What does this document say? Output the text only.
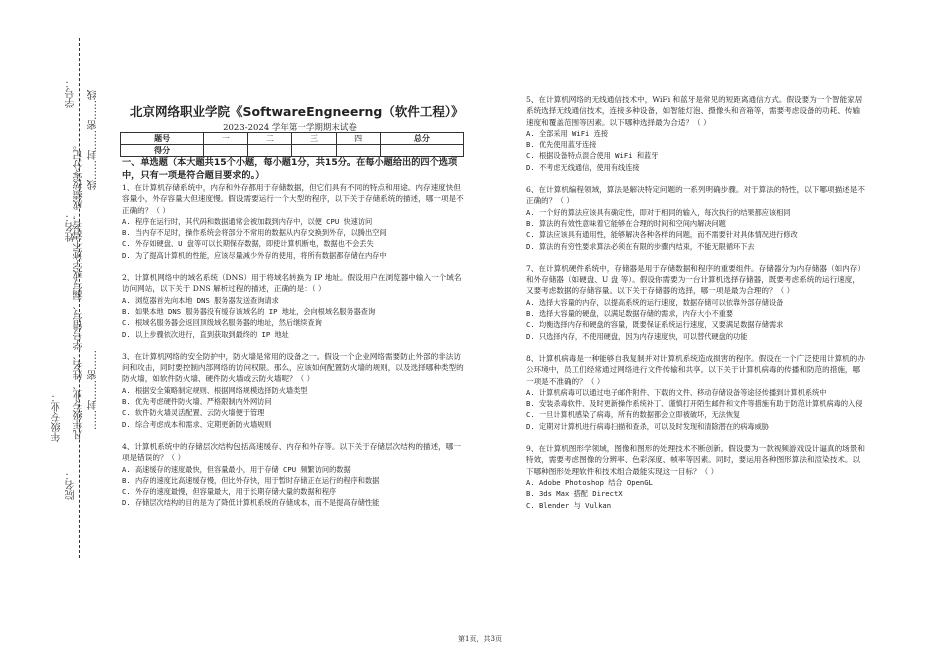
学号：
姓名：
年级专业：
院名：
线……封……密……线
凡年级专业、姓名、学号错写、漏写或字迹不清者，成绩按零分记。 ……封……密……
北京网络职业学院《SoftwareEngneerng（软件工程）》
2023-2024 学年第一学期期末试卷
题号	一	二	三	四	总分
得分					
一、单选题（本大题共15个小题，每小题1分，共15分。在每小题给出的四个选项中，只有一项是符合题目要求的。）

1、在计算机存储系统中，内存和外存都用于存储数据，但它们具有不同的特点和用途。内存速度快但容量小，外存容量大但速度慢。假设需要运行一个大型的程序，以下关于存储系统的描述，哪一项是不正确的？（ ）

A. 程序在运行时，其代码和数据通常会被加载到内存中，以便 CPU 快速访问

B. 当内存不足时，操作系统会将部分不常用的数据从内存交换到外存，以腾出空间

C. 外存如硬盘、U 盘等可以长期保存数据，即使计算机断电，数据也不会丢失

D. 为了提高计算机的性能，应该尽量减少外存的使用，将所有数据都存储在内存中

2、计算机网络中的域名系统（DNS）用于将域名转换为 IP 地址。假设用户在浏览器中输入一个域名访问网站，以下关于 DNS 解析过程的描述，正确的是：（ ）

A. 浏览器首先向本地 DNS 服务器发送查询请求

B. 如果本地 DNS 服务器没有缓存该域名的 IP 地址，会向根域名服务器查询

C. 根域名服务器会返回顶级域名服务器的地址，然后继续查询

D. 以上步骤依次进行，直到获取到最终的 IP 地址

3、在计算机网络的安全防护中，防火墙是常用的设备之一。假设一个企业网络需要防止外部的非法访问和攻击，同时要控制内部网络的访问权限。那么，应该如何配置防火墙的规则，以及选择哪种类型的防火墙，如软件防火墙、硬件防火墙或云防火墙呢？（ ）

A. 根据安全策略制定规则、根据网络规模选择防火墙类型

B. 优先考虑硬件防火墙、严格限制内外网访问

C. 软件防火墙灵活配置、云防火墙便于管理

D. 综合考虑成本和需求、定期更新防火墙规则

4、计算机系统中的存储层次结构包括高速缓存、内存和外存等。以下关于存储层次结构的描述，哪一项是错误的？（ ）

A. 高速缓存的速度最快，但容量最小，用于存储 CPU 频繁访问的数据

B. 内存的速度比高速缓存慢，但比外存快，用于暂时存储正在运行的程序和数据

C. 外存的速度最慢，但容量最大，用于长期存储大量的数据和程序

D. 存储层次结构的目的是为了降低计算机系统的存储成本，而不是提高存储性能

5、在计算机网络的无线通信技术中，WiFi 和蓝牙是常见的短距离通信方式。假设要为一个智能家居系统选择无线通信技术，连接多种设备，如智能灯泡、摄像头和音箱等，需要考虑设备的功耗、传输速度和覆盖范围等因素。以下哪种选择最为合适？（ ）

A. 全部采用 WiFi 连接

B. 优先使用蓝牙连接

C. 根据设备特点混合使用 WiFi 和蓝牙

D. 不考虑无线通信，使用有线连接

6、在计算机编程领域，算法是解决特定问题的一系列明确步骤。对于算法的特性，以下哪项描述是不正确的？（ ）

A. 一个好的算法应该具有确定性，即对于相同的输入，每次执行的结果都应该相同

B. 算法的有效性意味着它能够在合理的时间和空间内解决问题

C. 算法应该具有通用性，能够解决各种各样的问题，而不需要针对具体情况进行修改

D. 算法的有穷性要求算法必须在有限的步骤内结束，不能无限循环下去

7、在计算机硬件系统中，存储器是用于存储数据和程序的重要组件。存储器分为内存储器（如内存）和外存储器（如硬盘、U 盘 等）。假设你需要为一台计算机选择存储器，既要考虑系统的运行速度，又要考虑数据的存储容量。以下关于存储器的选择，哪一项是最为合理的？（ ）

A. 选择大容量的内存，以提高系统的运行速度，数据存储可以依靠外部存储设备

B. 选择大容量的硬盘，以满足数据存储的需求，内存大小不重要

C. 均衡选择内存和硬盘的容量，既要保证系统运行速度，又要满足数据存储需求

D. 只选择内存，不使用硬盘，因为内存速度快，可以替代硬盘的功能

8、计算机病毒是一种能够自我复制并对计算机系统造成损害的程序。假设在一个广泛使用计算机的办公环境中，员工们经常通过网络进行文件传输和共享。以下关于计算机病毒的传播和防范的措施，哪一项是不准确的？（ ）

A. 计算机病毒可以通过电子邮件附件、下载的文件、移动存储设备等途径传播到计算机系统中

B. 安装杀毒软件、及时更新操作系统补丁、谨慎打开陌生邮件和文件等措施有助于防范计算机病毒的入侵

C. 一旦计算机感染了病毒，所有的数据都会立即被破坏，无法恢复

D. 定期对计算机进行病毒扫描和查杀，可以及时发现和清除潜在的病毒威胁

9、在计算机图形学领域，图像和图形的处理技术不断创新。假设要为一款视频游戏设计逼真的场景和特效，需要考虑图像的分辨率、色彩深度、帧率等因素。同时，要运用各种图形算法和渲染技术。以下哪种图形处理软件和技术组合最能实现这一目标？（ ）

A. Adobe Photoshop 结合 OpenGL

B. 3ds Max 搭配 DirectX

C. Blender 与 Vulkan

第1页，共3页
